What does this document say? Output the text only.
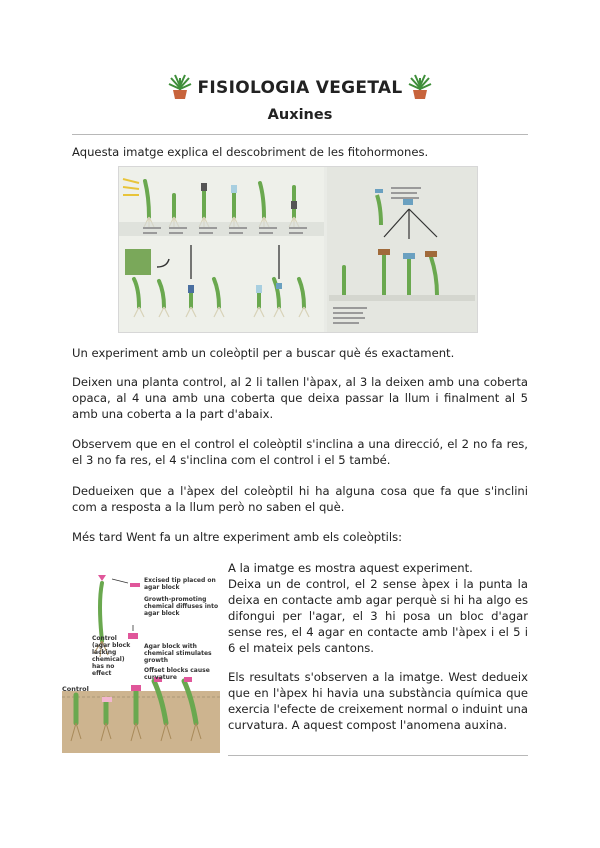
FISIOLOGIA VEGETAL
Auxines
Aquesta imatge explica el descobriment de les fitohormones.
Un experiment amb un coleòptil per a buscar què és exactament.
Deixen una planta control, al 2 li tallen l'àpax, al 3 la deixen amb una coberta opaca, al 4 una amb una coberta que deixa passar la llum i finalment al 5 amb una coberta a la part d'abaix.
Observem que en el control el coleòptil s'inclina a una direcció, el 2 no fa res, el 3 no fa res, el 4 s'inclina com el control i el 5 també.
Dedueixen que a l'àpex del coleòptil hi ha alguna cosa que fa que s'inclini com a resposta a la llum però no saben el què.
Més tard Went fa un altre experiment amb els coleòptils:
Excised tip placed on agar block
Growth-promoting chemical diffuses into agar block
Control (agar block lacking chemical) has no effect
Agar block with chemical stimulates growth
Offset blocks cause curvature
Control
A la imatge es mostra aquest experiment.
Deixa un de control, el 2 sense àpex i la punta la deixa en contacte amb agar perquè si hi ha algo es difongui per l'agar, el 3 hi posa un bloc d'agar sense res, el 4 agar en contacte amb l'àpex i el 5 i 6 el mateix pels cantons.
Els resultats s'observen a la imatge. West dedueix que en l'àpex hi havia una substància química que exercia l'efecte de creixement normal o induint una curvatura. A aquest compost l'anomena auxina.
